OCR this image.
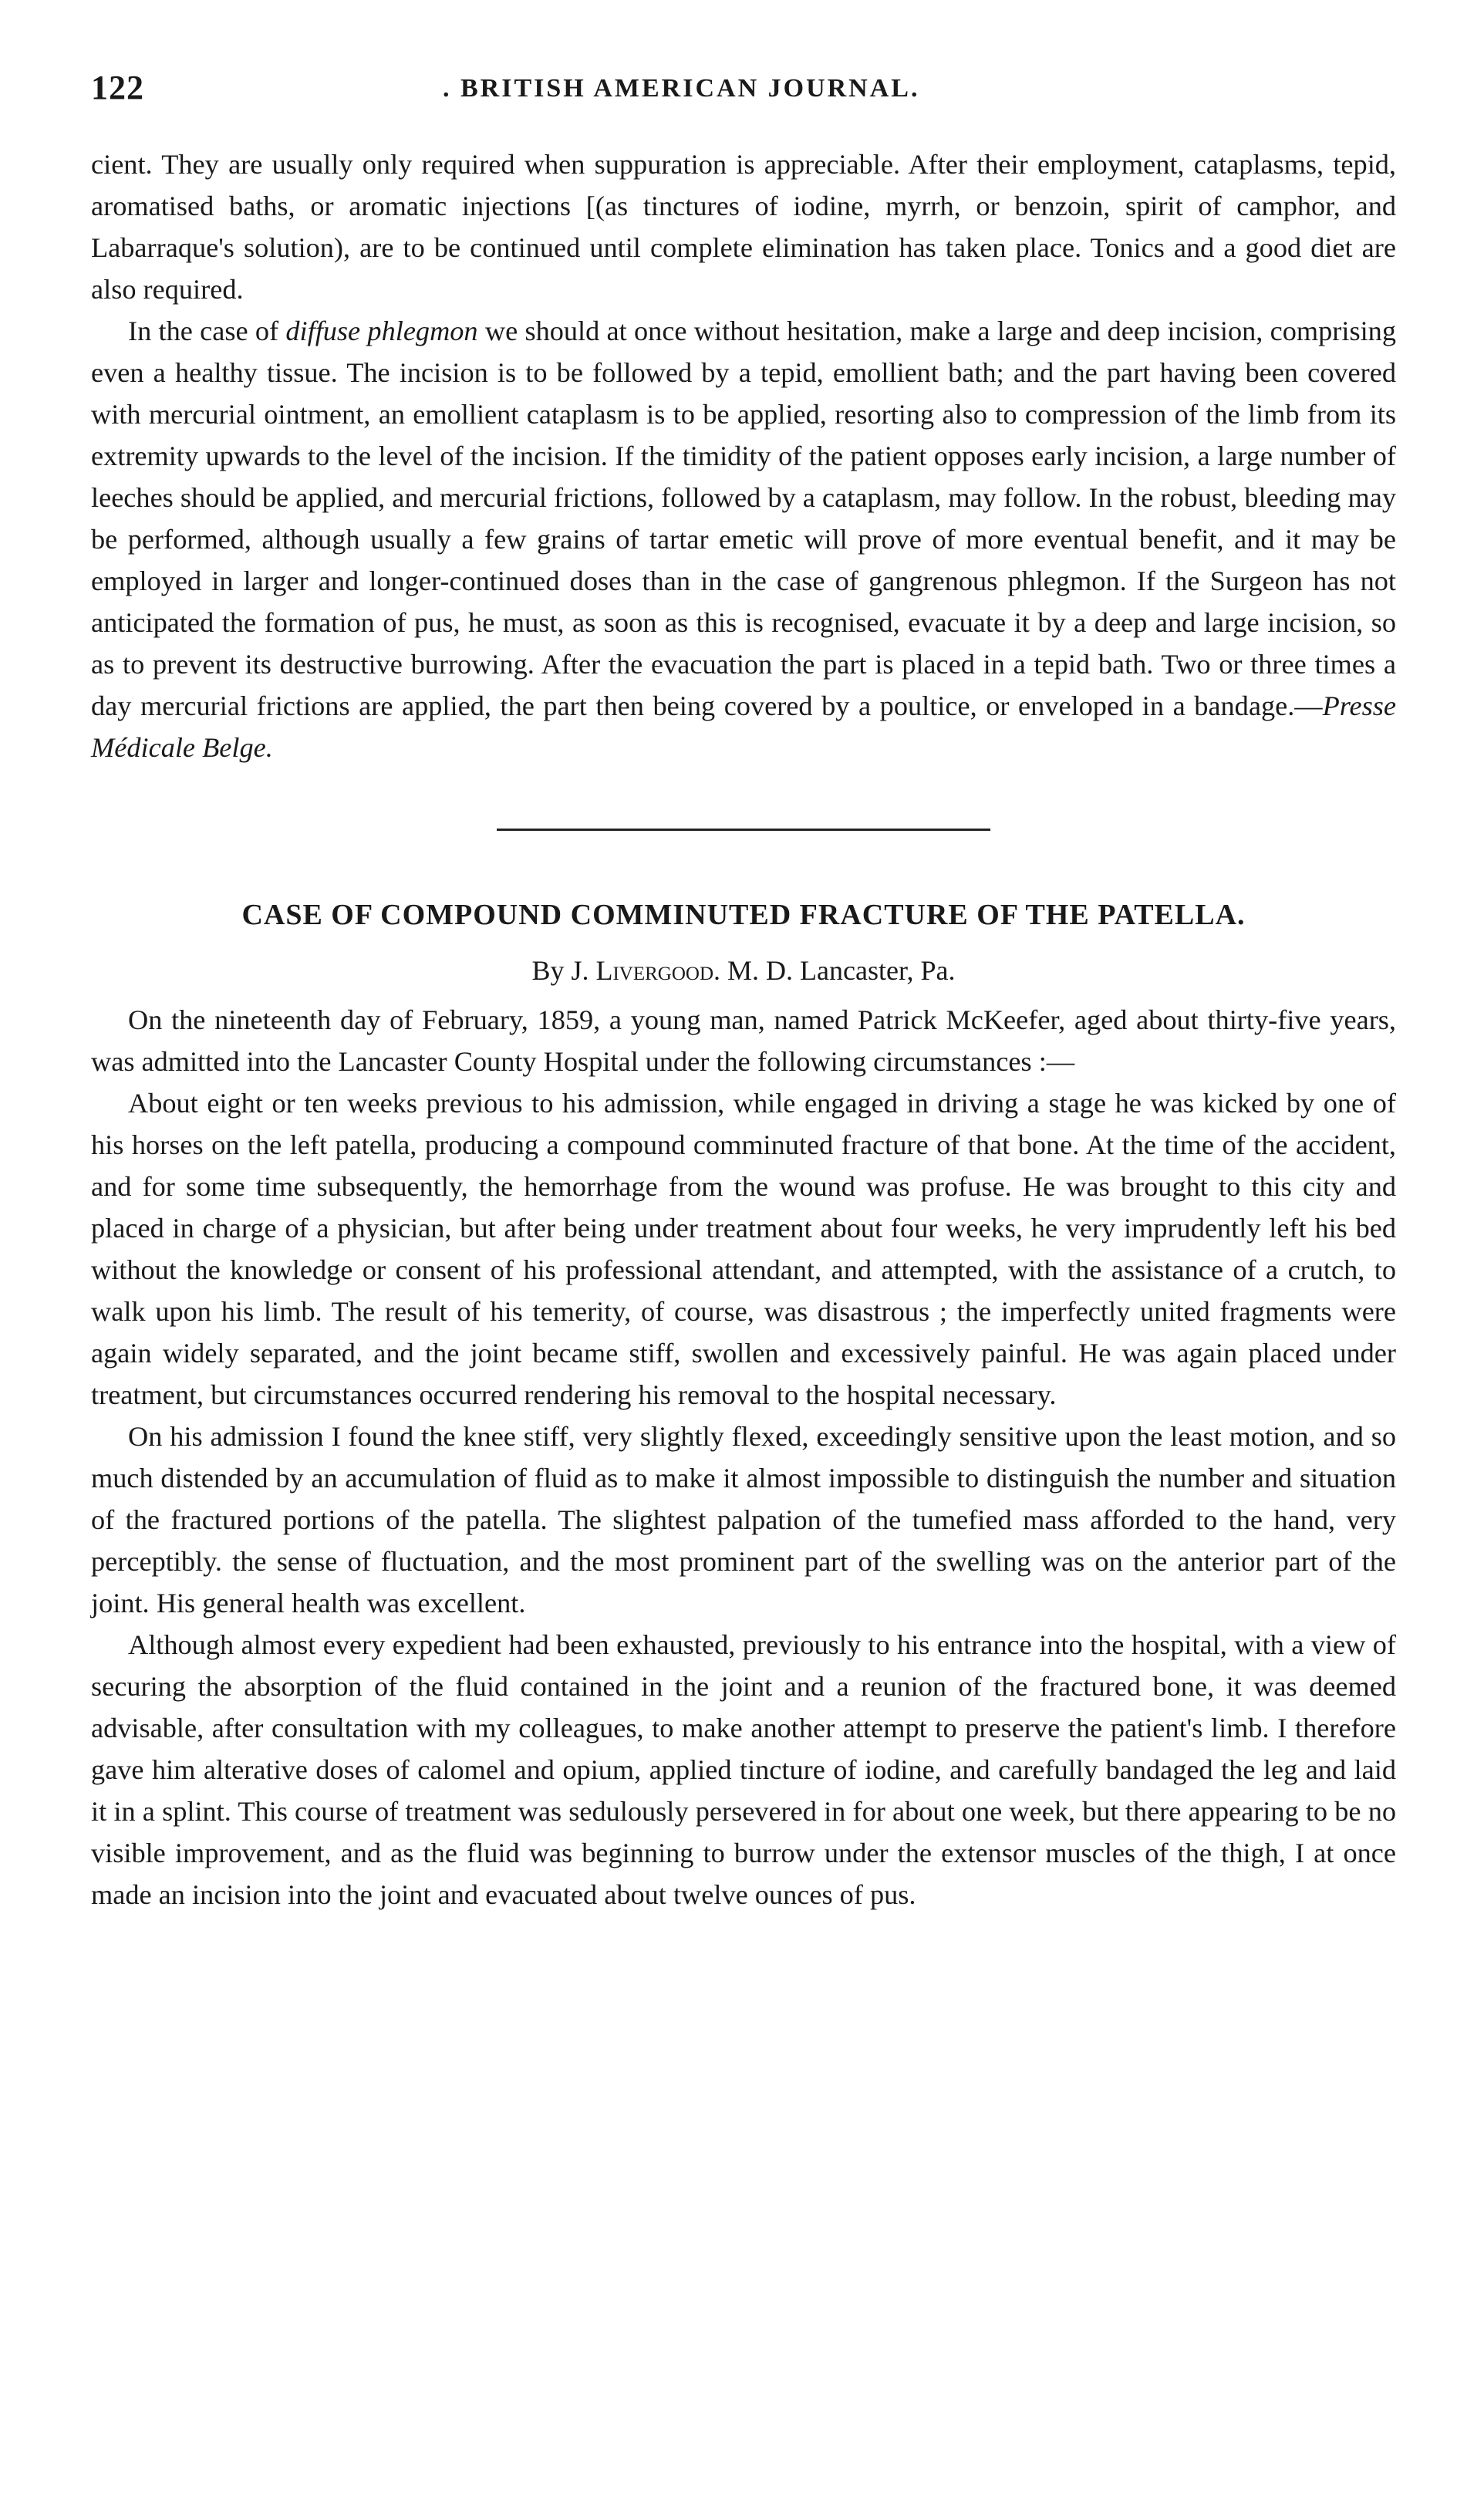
122	. BRITISH AMERICAN JOURNAL.

cient. They are usually only required when suppuration is appreciable. After their employment, cataplasms, tepid, aromatised baths, or aromatic injections [(as tinctures of iodine, myrrh, or benzoin, spirit of camphor, and Labarraque's solution), are to be continued until complete elimination has taken place. Tonics and a good diet are also required.

In the case of diffuse phlegmon we should at once without hesitation, make a large and deep incision, comprising even a healthy tissue. The incision is to be followed by a tepid, emollient bath; and the part having been covered with mercurial ointment, an emollient cataplasm is to be applied, resorting also to compression of the limb from its extremity upwards to the level of the incision. If the timidity of the patient opposes early incision, a large number of leeches should be applied, and mercurial frictions, followed by a cataplasm, may follow. In the robust, bleeding may be performed, although usually a few grains of tartar emetic will prove of more eventual benefit, and it may be employed in larger and longer-continued doses than in the case of gangrenous phlegmon. If the Surgeon has not anticipated the formation of pus, he must, as soon as this is recognised, evacuate it by a deep and large incision, so as to prevent its destructive burrowing. After the evacuation the part is placed in a tepid bath. Two or three times a day mercurial frictions are applied, the part then being covered by a poultice, or enveloped in a bandage.—Presse Médicale Belge.

CASE OF COMPOUND COMMINUTED FRACTURE OF THE PATELLA.
By J. Livergood. M. D. Lancaster, Pa.

On the nineteenth day of February, 1859, a young man, named Patrick McKeefer, aged about thirty-five years, was admitted into the Lancaster County Hospital under the following circumstances :—

About eight or ten weeks previous to his admission, while engaged in driving a stage he was kicked by one of his horses on the left patella, producing a compound comminuted fracture of that bone. At the time of the accident, and for some time subsequently, the hemorrhage from the wound was profuse. He was brought to this city and placed in charge of a physician, but after being under treatment about four weeks, he very imprudently left his bed without the knowledge or consent of his professional attendant, and attempted, with the assistance of a crutch, to walk upon his limb. The result of his temerity, of course, was disastrous ; the imperfectly united fragments were again widely separated, and the joint became stiff, swollen and excessively painful. He was again placed under treatment, but circumstances occurred rendering his removal to the hospital necessary.

On his admission I found the knee stiff, very slightly flexed, exceedingly sensitive upon the least motion, and so much distended by an accumulation of fluid as to make it almost impossible to distinguish the number and situation of the fractured portions of the patella. The slightest palpation of the tumefied mass afforded to the hand, very perceptibly. the sense of fluctuation, and the most prominent part of the swelling was on the anterior part of the joint. His general health was excellent.

Although almost every expedient had been exhausted, previously to his entrance into the hospital, with a view of securing the absorption of the fluid contained in the joint and a reunion of the fractured bone, it was deemed advisable, after consultation with my colleagues, to make another attempt to preserve the patient's limb. I therefore gave him alterative doses of calomel and opium, applied tincture of iodine, and carefully bandaged the leg and laid it in a splint. This course of treatment was sedulously persevered in for about one week, but there appearing to be no visible improvement, and as the fluid was beginning to burrow under the extensor muscles of the thigh, I at once made an incision into the joint and evacuated about twelve ounces of pus.
